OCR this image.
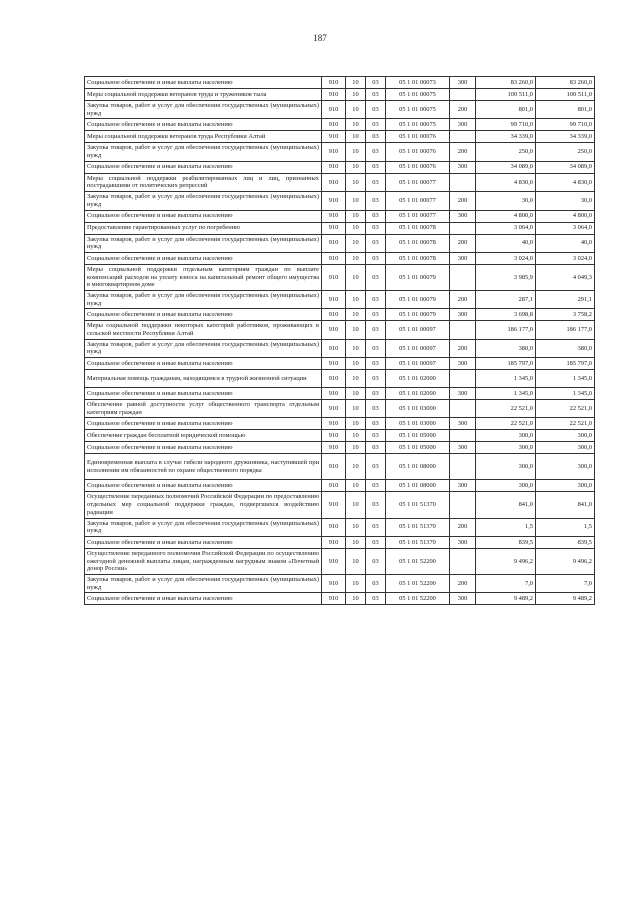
187
Социальное обеспечение и иные выплаты населению	910	10	03	05 1 01 00073	300	83 260,0	83 260,0
Меры социальной поддержки ветеранов труда и тружеников тыла	910	10	03	05 1 01 00075		100 511,0	100 511,0
Закупка товаров, работ и услуг для обеспечения государственных (муниципальных) нужд	910	10	03	05 1 01 00075	200	801,0	801,0
Социальное обеспечение и иные выплаты населению	910	10	03	05 1 01 00075	300	99 710,0	99 710,0
Меры социальной поддержки ветеранов труда Республики Алтай	910	10	03	05 1 01 00076		34 339,0	34 339,0
Закупка товаров, работ и услуг для обеспечения государственных (муниципальных) нужд	910	10	03	05 1 01 00076	200	250,0	250,0
Социальное обеспечение и иные выплаты населению	910	10	03	05 1 01 00076	300	34 089,0	34 089,0
Меры социальной поддержки реабилитированных лиц и лиц, признанных пострадавшими от политических репрессий	910	10	03	05 1 01 00077		4 830,0	4 830,0
Закупка товаров, работ и услуг для обеспечения государственных (муниципальных) нужд	910	10	03	05 1 01 00077	200	30,0	30,0
Социальное обеспечение и иные выплаты населению	910	10	03	05 1 01 00077	300	4 800,0	4 800,0
Предоставление гарантированных услуг по погребению	910	10	03	05 1 01 00078		3 064,0	3 064,0
Закупка товаров, работ и услуг для обеспечения государственных (муниципальных) нужд	910	10	03	05 1 01 00078	200	40,0	40,0
Социальное обеспечение и иные выплаты населению	910	10	03	05 1 01 00078	300	3 024,0	3 024,0
Меры социальной поддержки отдельным категориям граждан по выплате компенсаций расходов на уплату взноса на капитальный ремонт общего имущества в многоквартирном доме	910	10	03	05 1 01 00079		3 985,9	4 049,3
Закупка товаров, работ и услуг для обеспечения государственных (муниципальных) нужд	910	10	03	05 1 01 00079	200	287,1	291,1
Социальное обеспечение и иные выплаты населению	910	10	03	05 1 01 00079	300	3 698,8	3 758,2
Меры социальной поддержки некоторых категорий работников, проживающих в сельской местности Республики Алтай	910	10	03	05 1 01 00097		186 177,0	186 177,0
Закупка товаров, работ и услуг для обеспечения государственных (муниципальных) нужд	910	10	03	05 1 01 00097	200	380,0	380,0
Социальное обеспечение и иные выплаты населению	910	10	03	05 1 01 00097	300	185 797,0	185 797,0
Материальная помощь гражданам, находящимся в трудной жизненной ситуации	910	10	03	05 1 01 02000		1 345,0	1 345,0
Социальное обеспечение и иные выплаты населению	910	10	03	05 1 01 02000	300	1 345,0	1 345,0
Обеспечение равной доступности услуг общественного транспорта отдельным категориям граждан	910	10	03	05 1 01 03000		22 521,0	22 521,0
Социальное обеспечение и иные выплаты населению	910	10	03	05 1 01 03000	300	22 521,0	22 521,0
Обеспечение граждан бесплатной юридической помощью	910	10	03	05 1 01 05000		300,0	300,0
Социальное обеспечение и иные выплаты населению	910	10	03	05 1 01 05000	300	300,0	300,0
Единовременная выплата в случае гибели народного дружинника, наступившей при исполнении им обязанностей по охране общественного порядка	910	10	03	05 1 01 08000		300,0	300,0
Социальное обеспечение и иные выплаты населению	910	10	03	05 1 01 08000	300	300,0	300,0
Осуществление переданных полномочий Российской Федерации по предоставлению отдельных мер социальной поддержки граждан, подвергшихся воздействию радиации	910	10	03	05 1 01 51370		841,0	841,0
Закупка товаров, работ и услуг для обеспечения государственных (муниципальных) нужд	910	10	03	05 1 01 51370	200	1,5	1,5
Социальное обеспечение и иные выплаты населению	910	10	03	05 1 01 51370	300	839,5	839,5
Осуществление переданного полномочия Российской Федерации по осуществлению ежегодной денежной выплаты лицам, награжденным нагрудным знаком «Почетный донор России»	910	10	03	05 1 01 52200		9 496,2	9 496,2
Закупка товаров, работ и услуг для обеспечения государственных (муниципальных) нужд	910	10	03	05 1 01 52200	200	7,0	7,0
Социальное обеспечение и иные выплаты населению	910	10	03	05 1 01 52200	300	9 489,2	9 489,2
